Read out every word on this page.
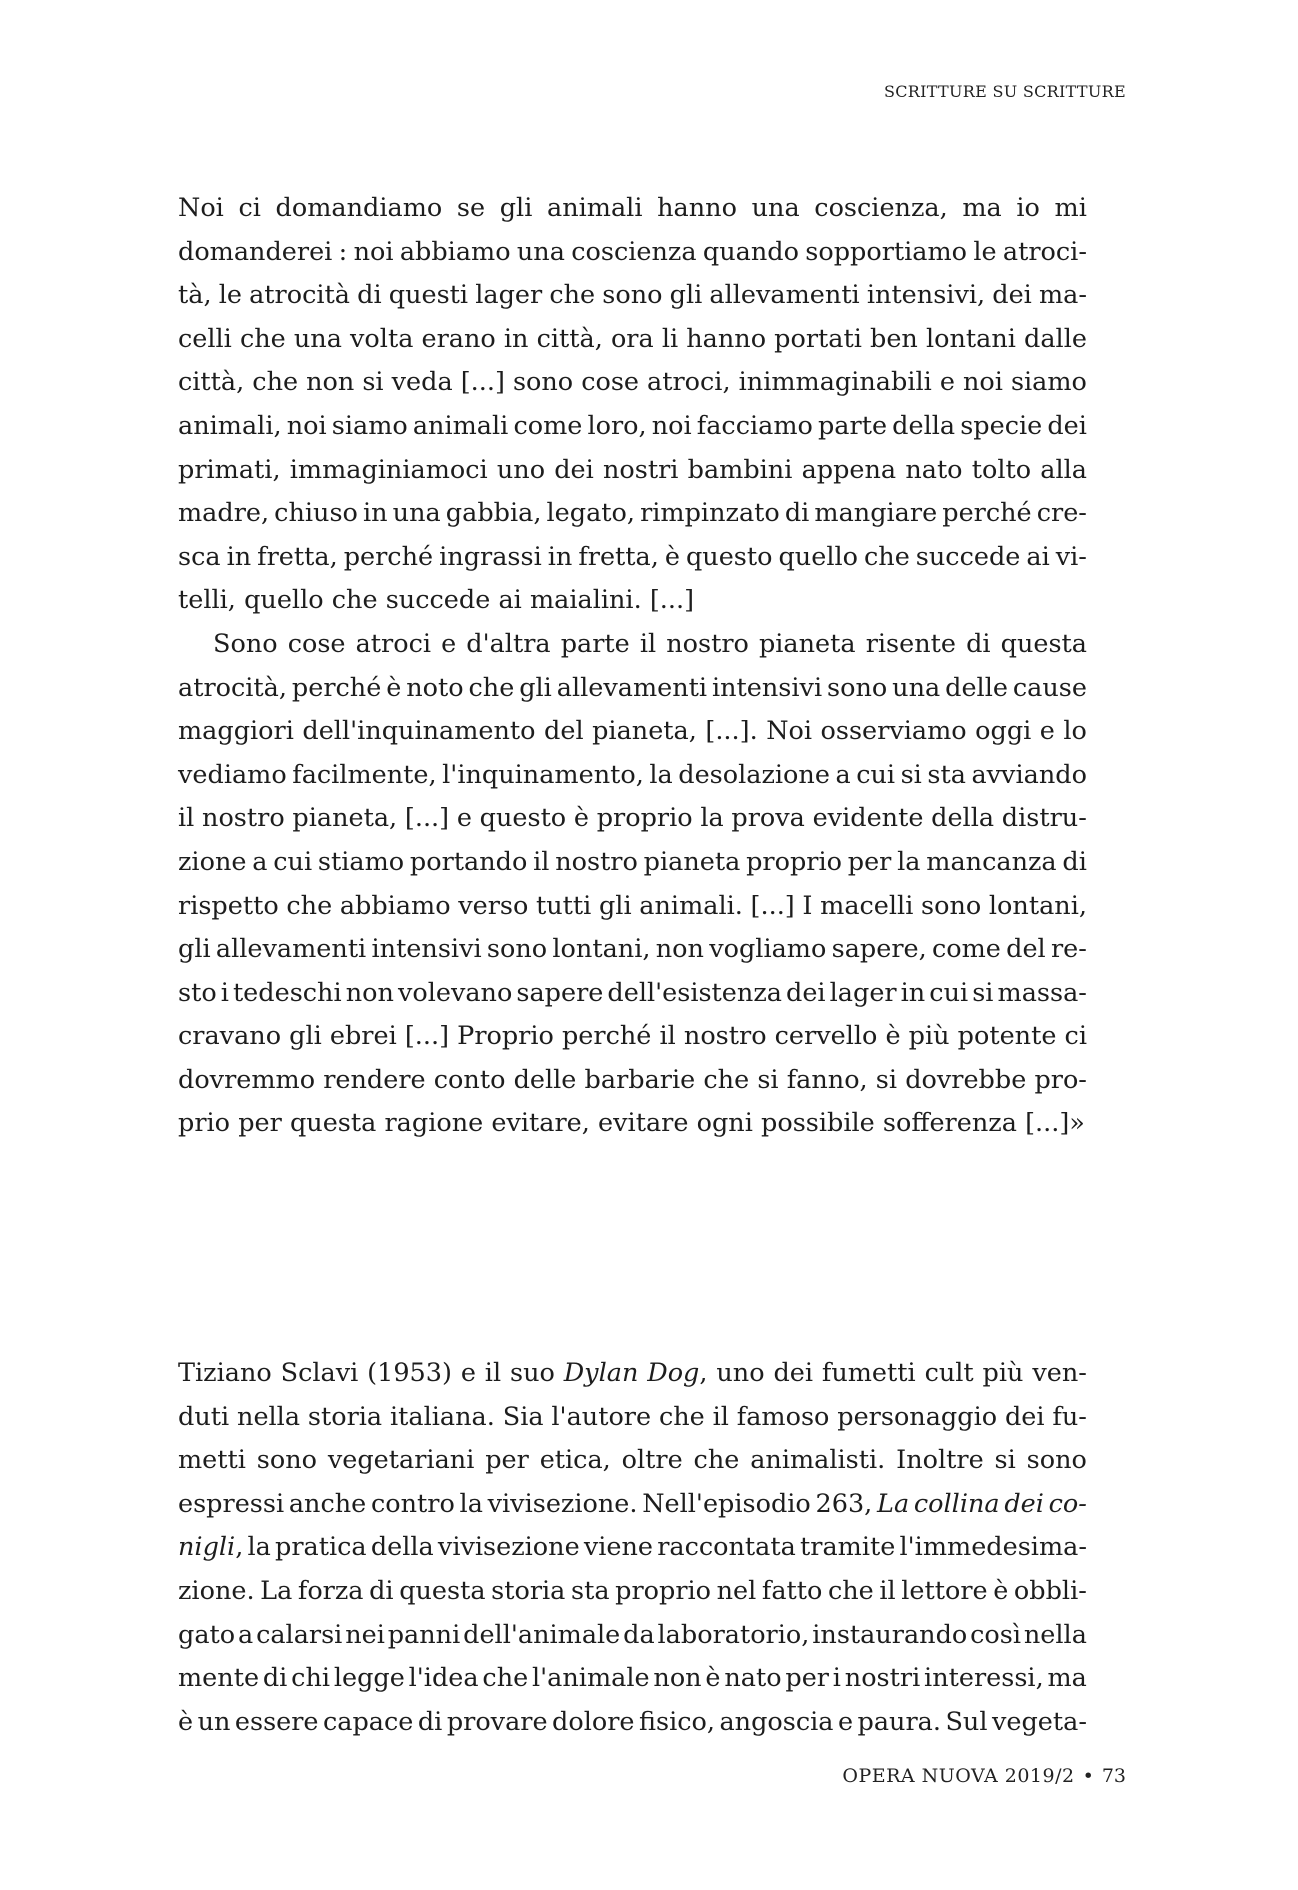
SCRITTURE SU SCRITTURE
Noi ci domandiamo se gli animali hanno una coscienza, ma io mi
domanderei : noi abbiamo una coscienza quando sopportiamo le atroci-
tà, le atrocità di questi lager che sono gli allevamenti intensivi, dei ma-
celli che una volta erano in città, ora li hanno portati ben lontani dalle
città, che non si veda [...] sono cose atroci, inimmaginabili e noi siamo
animali, noi siamo animali come loro, noi facciamo parte della specie dei
primati, immaginiamoci uno dei nostri bambini appena nato tolto alla
madre, chiuso in una gabbia, legato, rimpinzato di mangiare perché cre-
sca in fretta, perché ingrassi in fretta, è questo quello che succede ai vi-
telli, quello che succede ai maialini. [...]
Sono cose atroci e d'altra parte il nostro pianeta risente di questa
atrocità, perché è noto che gli allevamenti intensivi sono una delle cause
maggiori dell'inquinamento del pianeta, [...]. Noi osserviamo oggi e lo
vediamo facilmente, l'inquinamento, la desolazione a cui si sta avviando
il nostro pianeta, [...] e questo è proprio la prova evidente della distru-
zione a cui stiamo portando il nostro pianeta proprio per la mancanza di
rispetto che abbiamo verso tutti gli animali. [...] I macelli sono lontani,
gli allevamenti intensivi sono lontani, non vogliamo sapere, come del re-
sto i tedeschi non volevano sapere dell'esistenza dei lager in cui si massa-
cravano gli ebrei [...] Proprio perché il nostro cervello è più potente ci
dovremmo rendere conto delle barbarie che si fanno, si dovrebbe pro-
prio per questa ragione evitare, evitare ogni possibile sofferenza [...]»
Tiziano Sclavi (1953) e il suo Dylan Dog, uno dei fumetti cult più ven-
duti nella storia italiana. Sia l'autore che il famoso personaggio dei fu-
metti sono vegetariani per etica, oltre che animalisti. Inoltre si sono
espressi anche contro la vivisezione. Nell'episodio 263, La collina dei co-
nigli, la pratica della vivisezione viene raccontata tramite l'immedesima-
zione. La forza di questa storia sta proprio nel fatto che il lettore è obbli-
gato a calarsi nei panni dell'animale da laboratorio, instaurando così nella
mente di chi legge l'idea che l'animale non è nato per i nostri interessi, ma
è un essere capace di provare dolore fisico, angoscia e paura. Sul vegeta-
OPERA NUOVA 2019/2 • 73
